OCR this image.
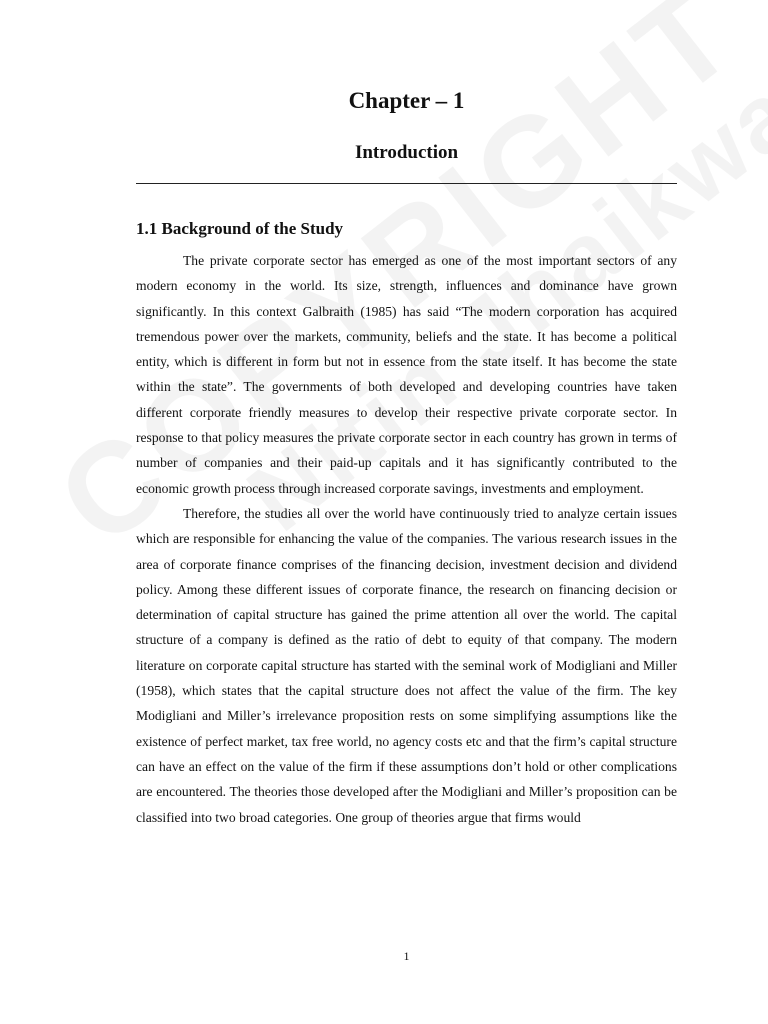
Chapter – 1
Introduction
1.1 Background of the Study

The private corporate sector has emerged as one of the most important sectors of any modern economy in the world. Its size, strength, influences and dominance have grown significantly. In this context Galbraith (1985) has said “The modern corporation has acquired tremendous power over the markets, community, beliefs and the state. It has become a political entity, which is different in form but not in essence from the state itself. It has become the state within the state”. The governments of both developed and developing countries have taken different corporate friendly measures to develop their respective private corporate sector. In response to that policy measures the private corporate sector in each country has grown in terms of number of companies and their paid-up capitals and it has significantly contributed to the economic growth process through increased corporate savings, investments and employment.

Therefore, the studies all over the world have continuously tried to analyze certain issues which are responsible for enhancing the value of the companies. The various research issues in the area of corporate finance comprises of the financing decision, investment decision and dividend policy. Among these different issues of corporate finance, the research on financing decision or determination of capital structure has gained the prime attention all over the world. The capital structure of a company is defined as the ratio of debt to equity of that company. The modern literature on corporate capital structure has started with the seminal work of Modigliani and Miller (1958), which states that the capital structure does not affect the value of the firm. The key Modigliani and Miller’s irrelevance proposition rests on some simplifying assumptions like the existence of perfect market, tax free world, no agency costs etc and that the firm’s capital structure can have an effect on the value of the firm if these assumptions don’t hold or other complications are encountered. The theories those developed after the Modigliani and Miller’s proposition can be classified into two broad categories. One group of theories argue that firms would

1
